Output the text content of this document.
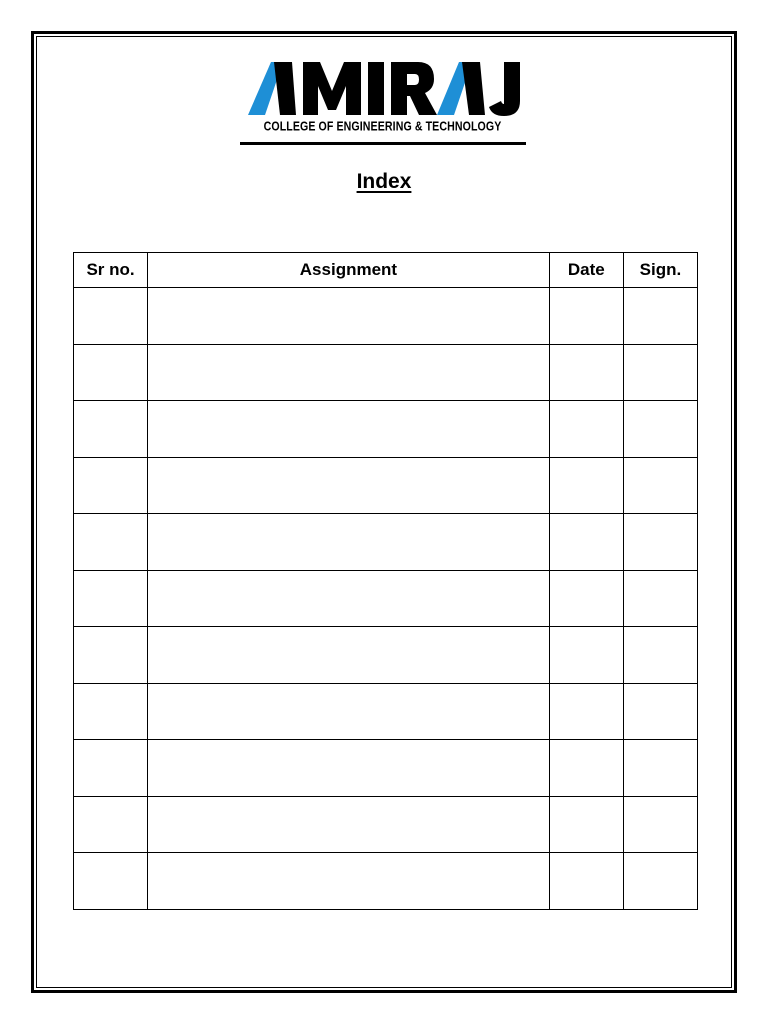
COLLEGE OF ENGINEERING & TECHNOLOGY
Index
Sr no.	Assignment	Date	Sign.
